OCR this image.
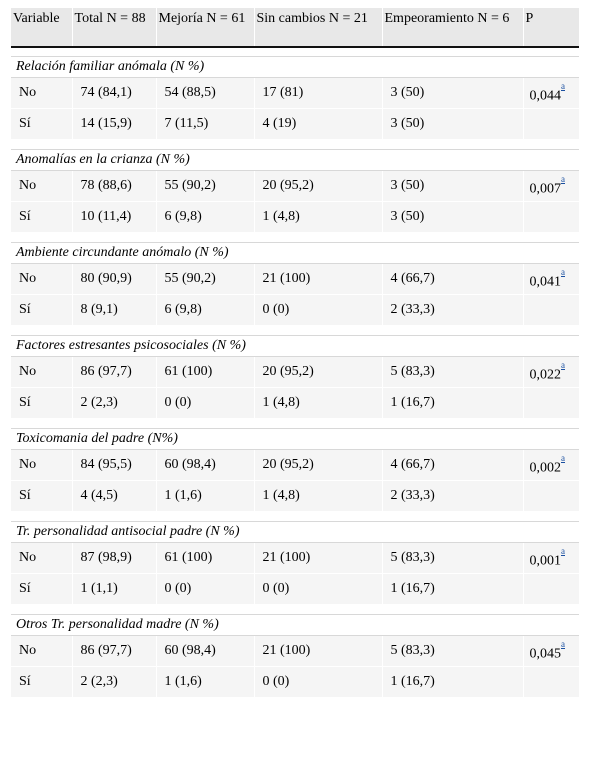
Variable	Total N = 88	Mejoría N = 61	Sin cambios N = 21	Empeoramiento N = 6	P

Relación familiar anómala (N %)					
No	74 (84,1)	54 (88,5)	17 (81)	3 (50)	0,044$^{^a}$
Sí	14 (15,9)	7 (11,5)	4 (19)	3 (50)	

Anomalías en la crianza (N %)					
No	78 (88,6)	55 (90,2)	20 (95,2)	3 (50)	0,007$^{^a}$
Sí	10 (11,4)	6 (9,8)	1 (4,8)	3 (50)	

Ambiente circundante anómalo (N %)					
No	80 (90,9)	55 (90,2)	21 (100)	4 (66,7)	0,041$^{^a}$
Sí	8 (9,1)	6 (9,8)	0 (0)	2 (33,3)	

Factores estresantes psicosociales (N %)					
No	86 (97,7)	61 (100)	20 (95,2)	5 (83,3)	0,022$^{^a}$
Sí	2 (2,3)	0 (0)	1 (4,8)	1 (16,7)	

Toxicomania del padre (N%)					
No	84 (95,5)	60 (98,4)	20 (95,2)	4 (66,7)	0,002$^{^a}$
Sí	4 (4,5)	1 (1,6)	1 (4,8)	2 (33,3)	

Tr. personalidad antisocial padre (N %)					
No	87 (98,9)	61 (100)	21 (100)	5 (83,3)	0,001$^{^a}$
Sí	1 (1,1)	0 (0)	0 (0)	1 (16,7)	

Otros Tr. personalidad madre (N %)					
No	86 (97,7)	60 (98,4)	21 (100)	5 (83,3)	0,045$^{^a}$
Sí	2 (2,3)	1 (1,6)	0 (0)	1 (16,7)	
